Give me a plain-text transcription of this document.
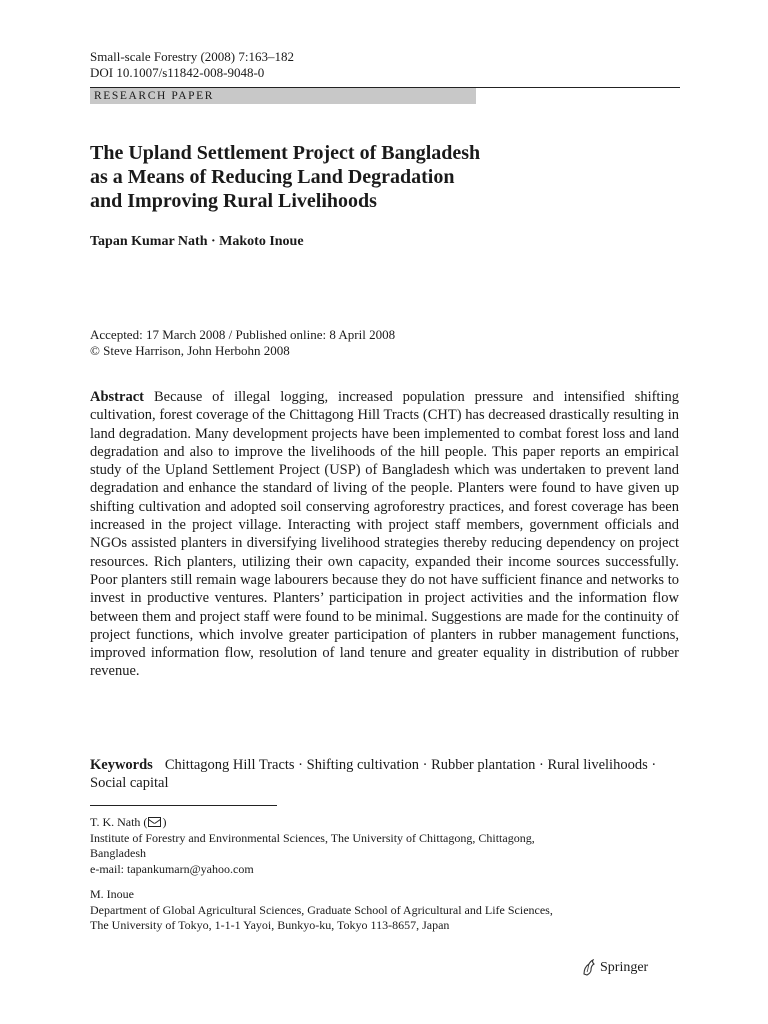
Small-scale Forestry (2008) 7:163–182
DOI 10.1007/s11842-008-9048-0
RESEARCH PAPER
The Upland Settlement Project of Bangladesh
as a Means of Reducing Land Degradation
and Improving Rural Livelihoods
Tapan Kumar Nath · Makoto Inoue
Accepted: 17 March 2008 / Published online: 8 April 2008
© Steve Harrison, John Herbohn 2008

Abstract Because of illegal logging, increased population pressure and intensified shifting cultivation, forest coverage of the Chittagong Hill Tracts (CHT) has decreased drastically resulting in land degradation. Many development projects have been implemented to combat forest loss and land degradation and also to improve the livelihoods of the hill people. This paper reports an empirical study of the Upland Settlement Project (USP) of Bangladesh which was undertaken to prevent land degradation and enhance the standard of living of the people. Planters were found to have given up shifting cultivation and adopted soil conserving agroforestry practices, and forest coverage has been increased in the project village. Interacting with project staff members, government officials and NGOs assisted planters in diversifying livelihood strategies thereby reducing dependency on project resources. Rich planters, utilizing their own capacity, expanded their income sources successfully. Poor planters still remain wage labourers because they do not have sufficient finance and networks to invest in productive ventures. Planters’ participation in project activities and the information flow between them and project staff were found to be minimal. Suggestions are made for the continuity of project functions, which involve greater participation of planters in rubber management functions, improved information flow, resolution of land tenure and greater equality in distribution of rubber revenue.

Keywords Chittagong Hill Tracts · Shifting cultivation · Rubber plantation · Rural livelihoods · Social capital

T. K. Nath ( )
Institute of Forestry and Environmental Sciences, The University of Chittagong, Chittagong,
Bangladesh
e-mail: tapankumarn@yahoo.com
M. Inoue
Department of Global Agricultural Sciences, Graduate School of Agricultural and Life Sciences,
The University of Tokyo, 1-1-1 Yayoi, Bunkyo-ku, Tokyo 113-8657, Japan
Springer
